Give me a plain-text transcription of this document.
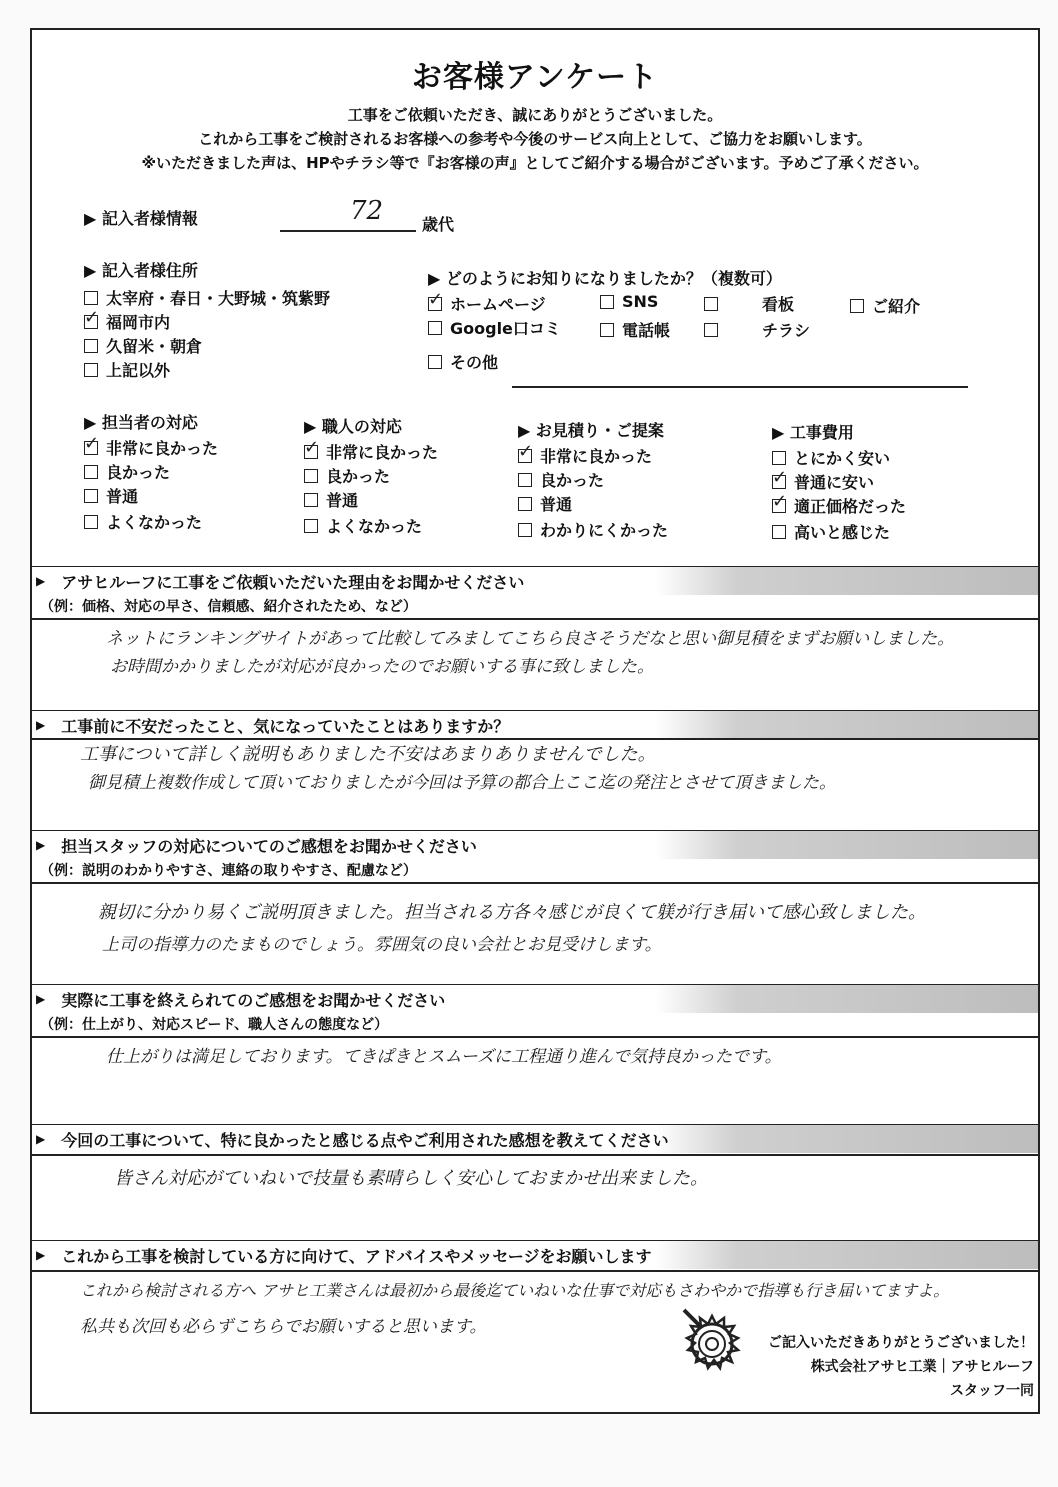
お客様アンケート
工事をご依頼いただき、誠にありがとうございました。
これから工事をご検討されるお客様への参考や今後のサービス向上として、ご協力をお願いします。
※いただきました声は、HPやチラシ等で『お客様の声』としてご紹介する場合がございます。予めご了承ください。
▶ 記入者様情報	72 歳代
▶ 記入者様住所
太宰府・春日・大野城・筑紫野
✓
福岡市内
久留米・朝倉
上記以外
▶ どのようにお知りになりましたか？（複数可）
✓
ホームページ	SNS	看板	ご紹介
Google口コミ	電話帳	チラシ
その他
▶ 担当者の対応
✓
非常に良かった
良かった
普通
よくなかった
▶ 職人の対応
✓
非常に良かった
良かった
普通
よくなかった
▶ お見積り・ご提案
✓
非常に良かった
良かった
普通
わかりにくかった
▶ 工事費用
とにかく安い
✓
普通に安い
✓
適正価格だった
高いと感じた
▶ アサヒルーフに工事をご依頼いただいた理由をお聞かせください
（例：価格、対応の早さ、信頼感、紹介されたため、など）
ネットにランキングサイトがあって比較してみましてこちら良さそうだなと思い御見積をまずお願いしました。
お時間かかりましたが対応が良かったのでお願いする事に致しました。
▶ 工事前に不安だったこと、気になっていたことはありますか？
工事について詳しく説明もありました不安はあまりありませんでした。
御見積上複数作成して頂いておりましたが今回は予算の都合上ここ迄の発注とさせて頂きました。
▶ 担当スタッフの対応についてのご感想をお聞かせください
（例：説明のわかりやすさ、連絡の取りやすさ、配慮など）
親切に分かり易くご説明頂きました。担当される方各々感じが良くて躾が行き届いて感心致しました。
上司の指導力のたまものでしょう。雰囲気の良い会社とお見受けします。
▶ 実際に工事を終えられてのご感想をお聞かせください
（例：仕上がり、対応スピード、職人さんの態度など）
仕上がりは満足しております。てきぱきとスムーズに工程通り進んで気持良かったです。
▶ 今回の工事について、特に良かったと感じる点やご利用された感想を教えてください
皆さん対応がていねいで技量も素晴らしく安心しておまかせ出来ました。
▶ これから工事を検討している方に向けて、アドバイスやメッセージをお願いします
これから検討される方へ アサヒ工業さんは最初から最後迄ていねいな仕事で対応もさわやかで指導も行き届いてますよ。
私共も次回も必らずこちらでお願いすると思います。
ご記入いただきありがとうございました！
株式会社アサヒ工業｜アサヒルーフ
スタッフ一同
